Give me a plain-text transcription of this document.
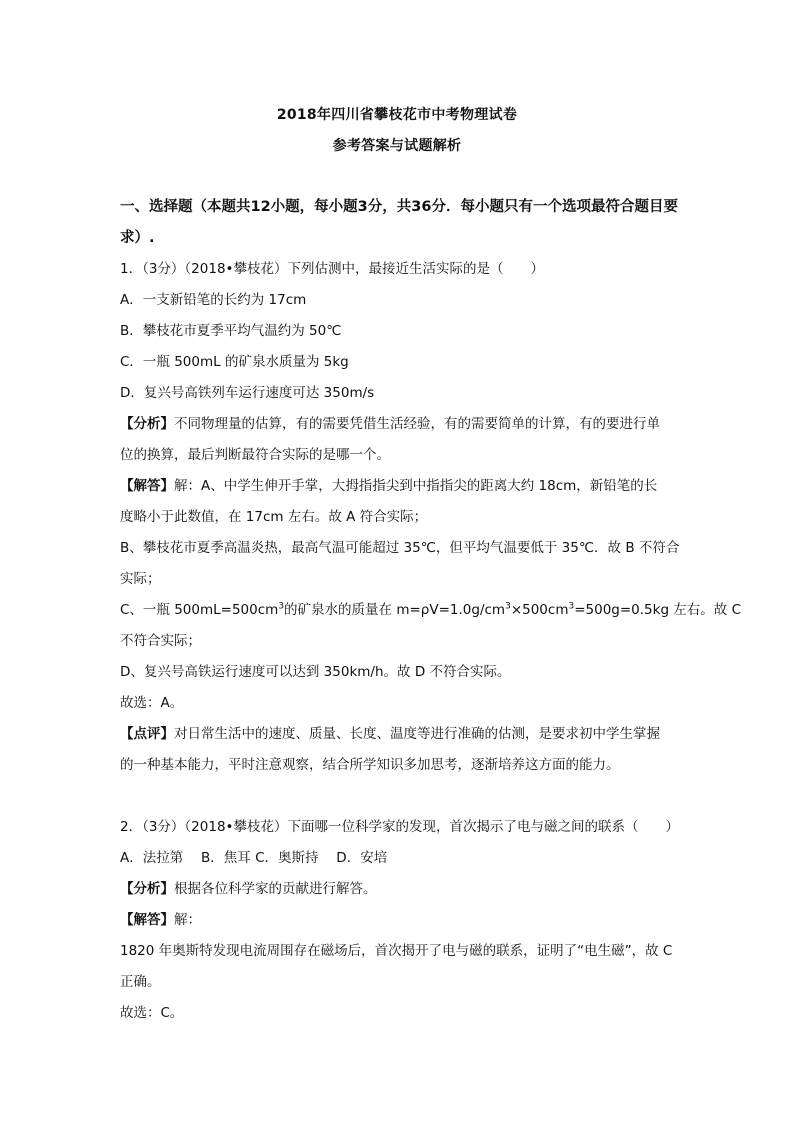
2018年四川省攀枝花市中考物理试卷
参考答案与试题解析
一、选择题（本题共12小题，每小题3分，共36分．每小题只有一个选项最符合题目要
求）.
1．（3分）（2018•攀枝花）下列估测中，最接近生活实际的是（　　）
A．一支新铅笔的长约为 17cm
B．攀枝花市夏季平均气温约为 50℃
C．一瓶 500mL 的矿泉水质量为 5kg
D．复兴号高铁列车运行速度可达 350m/s
【分析】不同物理量的估算，有的需要凭借生活经验，有的需要简单的计算，有的要进行单
位的换算，最后判断最符合实际的是哪一个。
【解答】解：A、中学生伸开手掌，大拇指指尖到中指指尖的距离大约 18cm，新铅笔的长
度略小于此数值，在 17cm 左右。故 A 符合实际；
B、攀枝花市夏季高温炎热，最高气温可能超过 35℃，但平均气温要低于 35℃．故 B 不符合
实际；
C、一瓶 $500mL=500cm^3$的矿泉水的质量在 $m=\rho V=1.0g/cm^3\times 500cm^3=500g=0.5kg$ 左右。故 C
不符合实际；
D、复兴号高铁运行速度可以达到 350km/h。故 D 不符合实际。
故选：A。
【点评】对日常生活中的速度、质量、长度、温度等进行准确的估测，是要求初中学生掌握
的一种基本能力，平时注意观察，结合所学知识多加思考，逐渐培养这方面的能力。
2．（3分）（2018•攀枝花）下面哪一位科学家的发现，首次揭示了电与磁之间的联系（　　）
A．法拉第　 B．焦耳 C．奥斯持　 D．安培
【分析】根据各位科学家的贡献进行解答。
【解答】解：
1820 年奥斯特发现电流周围存在磁场后，首次揭开了电与磁的联系，证明了“电生磁”，故 C
正确。
故选：C。
